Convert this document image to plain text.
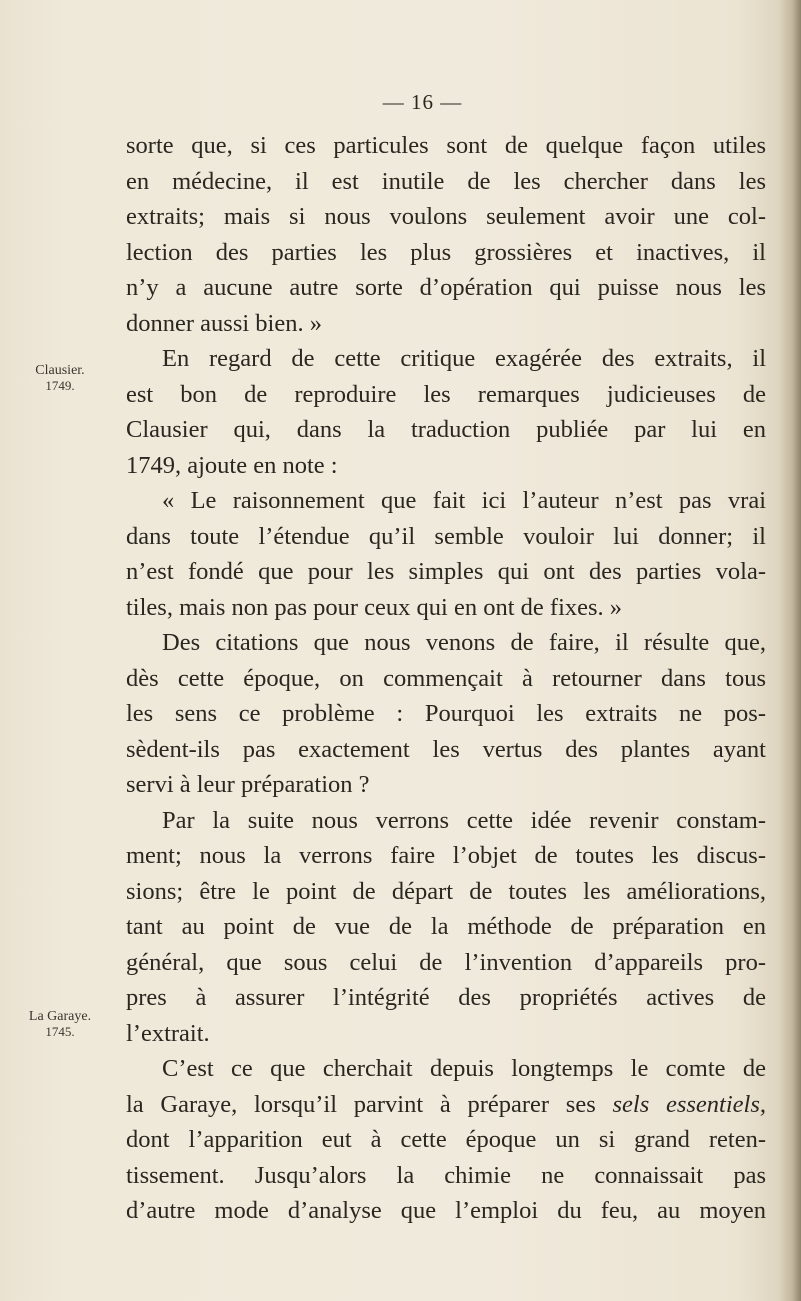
— 16 —
Clausier.
1749.
La Garaye.
1745.
sorte que, si ces particules sont de quelque façon utiles
en médecine, il est inutile de les chercher dans les
extraits; mais si nous voulons seulement avoir une col-
lection des parties les plus grossières et inactives, il
n’y a aucune autre sorte d’opération qui puisse nous les
donner aussi bien. »
En regard de cette critique exagérée des extraits, il
est bon de reproduire les remarques judicieuses de
Clausier qui, dans la traduction publiée par lui en
1749, ajoute en note :
« Le raisonnement que fait ici l’auteur n’est pas vrai
dans toute l’étendue qu’il semble vouloir lui donner; il
n’est fondé que pour les simples qui ont des parties vola-
tiles, mais non pas pour ceux qui en ont de fixes. »
Des citations que nous venons de faire, il résulte que,
dès cette époque, on commençait à retourner dans tous
les sens ce problème : Pourquoi les extraits ne pos-
sèdent-ils pas exactement les vertus des plantes ayant
servi à leur préparation ?
Par la suite nous verrons cette idée revenir constam-
ment; nous la verrons faire l’objet de toutes les discus-
sions; être le point de départ de toutes les améliorations,
tant au point de vue de la méthode de préparation en
général, que sous celui de l’invention d’appareils pro-
pres à assurer l’intégrité des propriétés actives de
l’extrait.
C’est ce que cherchait depuis longtemps le comte de
la Garaye, lorsqu’il parvint à préparer ses sels essentiels,
dont l’apparition eut à cette époque un si grand reten-
tissement. Jusqu’alors la chimie ne connaissait pas
d’autre mode d’analyse que l’emploi du feu, au moyen
